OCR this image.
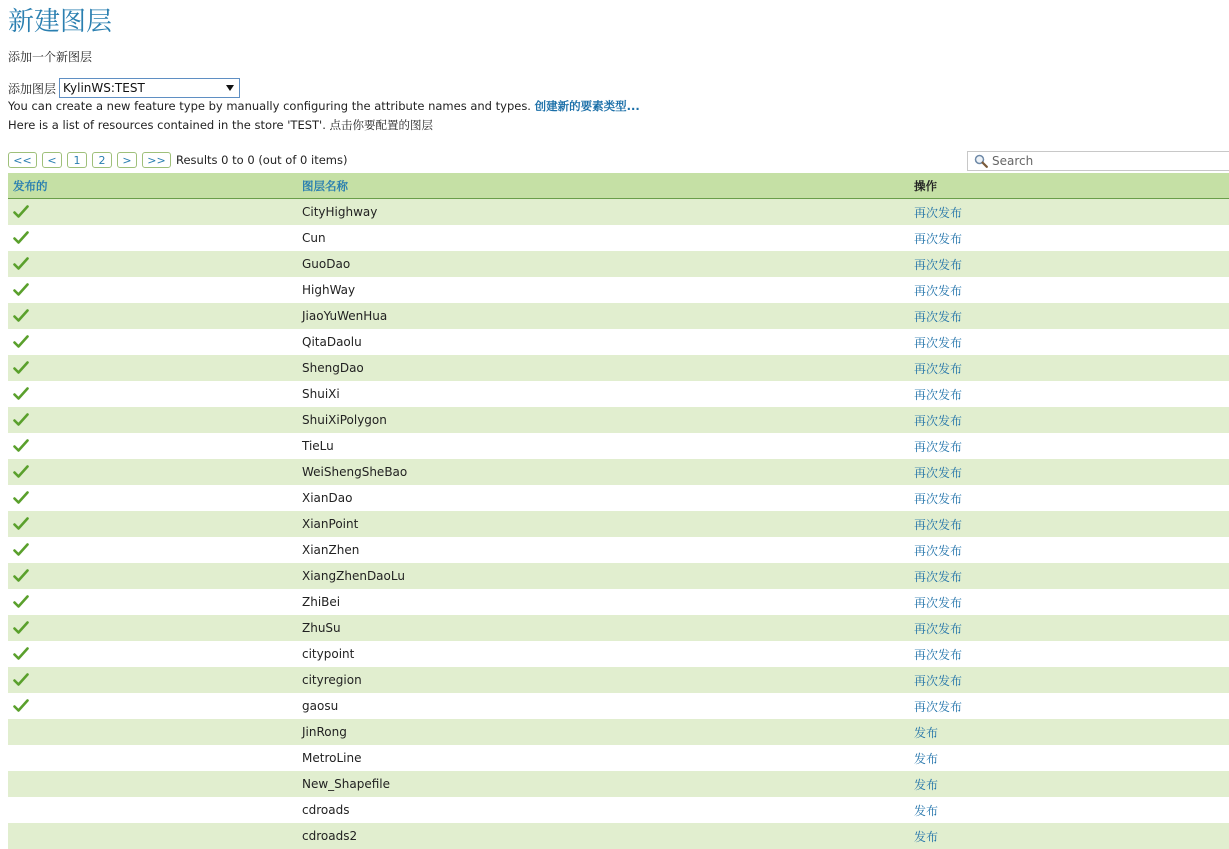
新建图层
添加一个新图层
添加图层 KylinWS:TEST
You can create a new feature type by manually configuring the attribute names and types. 创建新的要素类型...
Here is a list of resources contained in the store 'TEST'. 点击你要配置的图层
<<	<	1	2	>	>> Results 0 to 0 (out of 0 items)
Search
发布的	图层名称	操作
CityHighway	再次发布
Cun	再次发布
GuoDao	再次发布
HighWay	再次发布
JiaoYuWenHua	再次发布
QitaDaolu	再次发布
ShengDao	再次发布
ShuiXi	再次发布
ShuiXiPolygon	再次发布
TieLu	再次发布
WeiShengSheBao	再次发布
XianDao	再次发布
XianPoint	再次发布
XianZhen	再次发布
XiangZhenDaoLu	再次发布
ZhiBei	再次发布
ZhuSu	再次发布
citypoint	再次发布
cityregion	再次发布
gaosu	再次发布
JinRong	发布
MetroLine	发布
New_Shapefile	发布
cdroads	发布
cdroads2	发布
